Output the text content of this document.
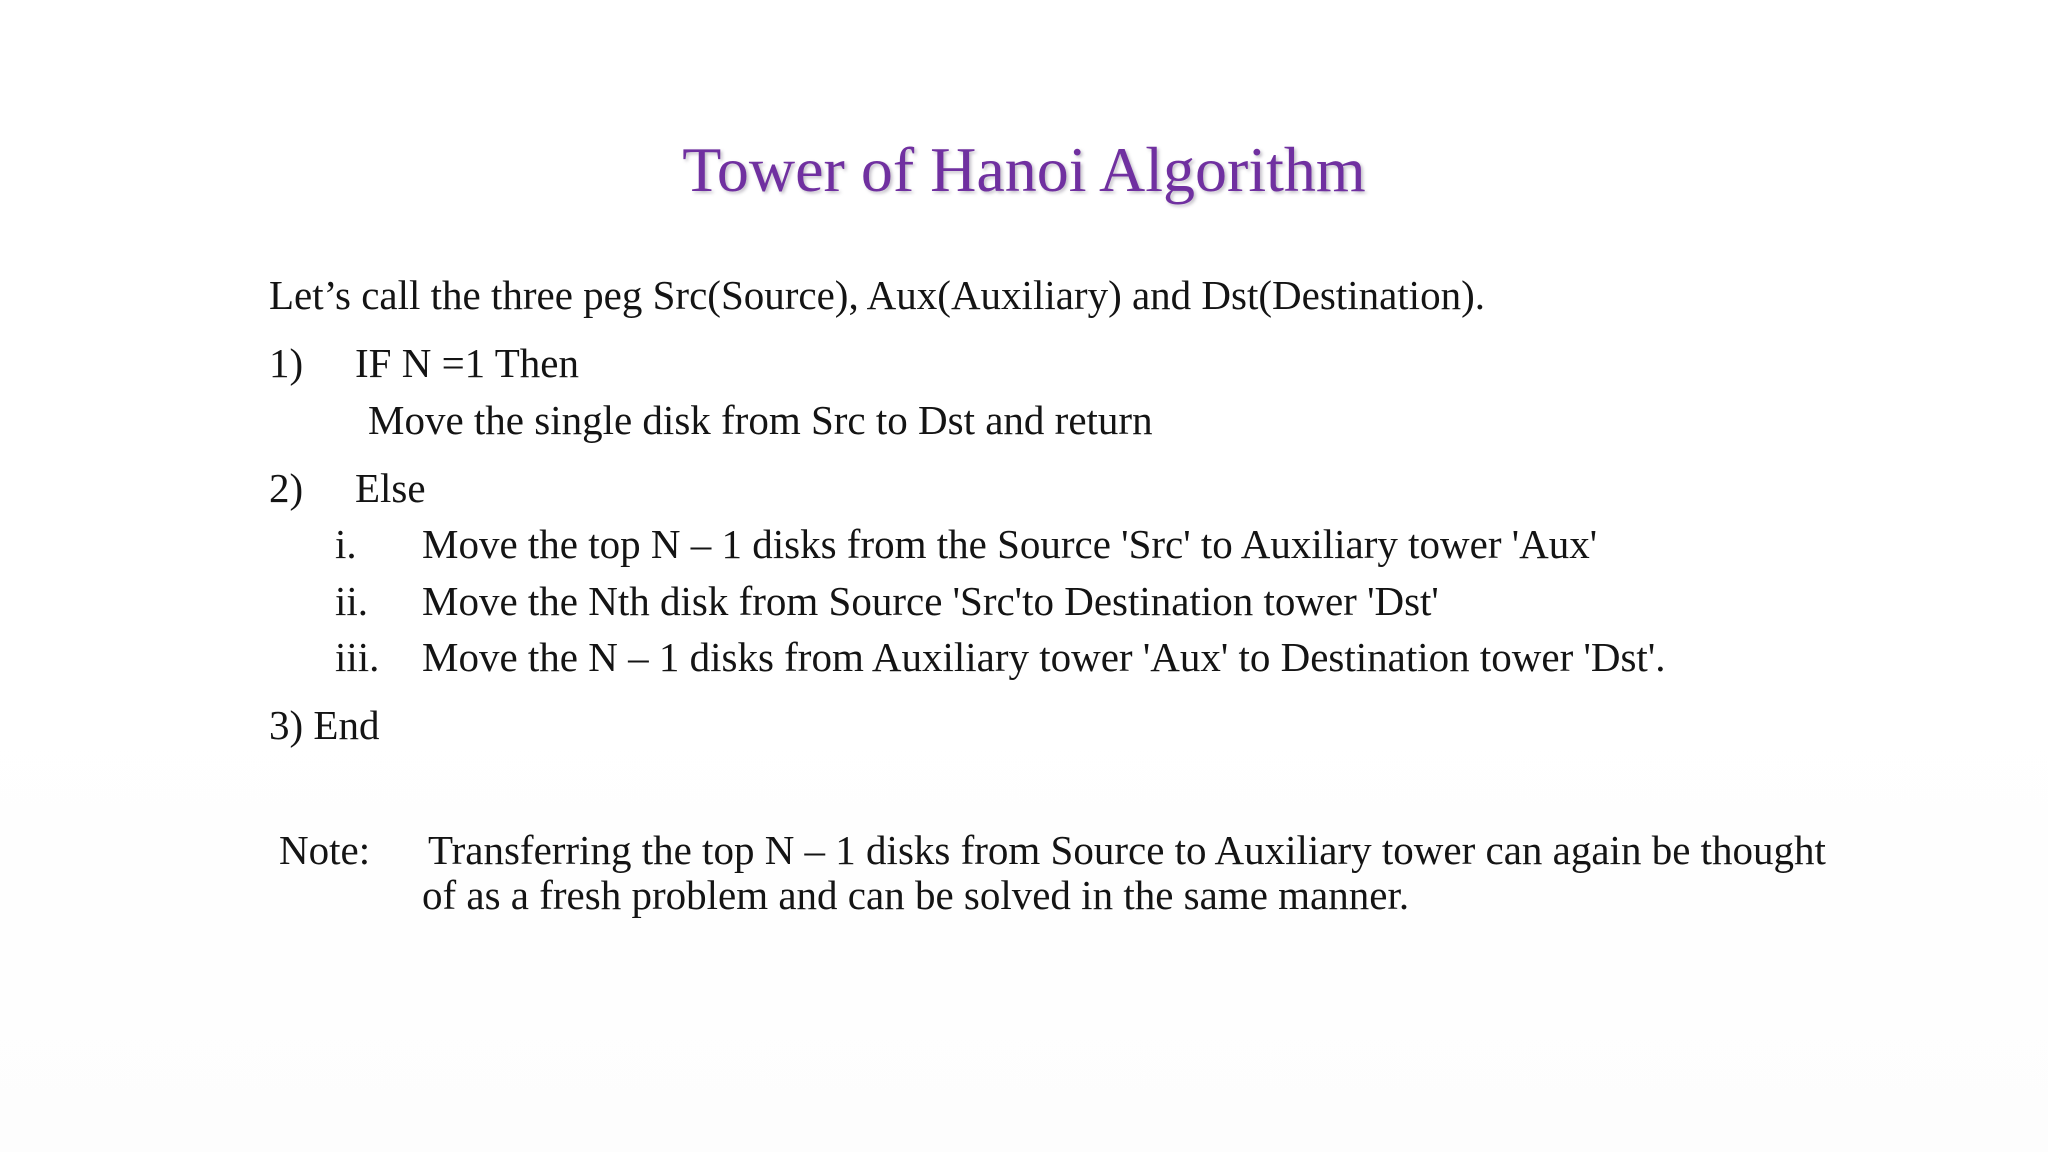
Tower of Hanoi Algorithm
Let’s call the three peg Src(Source), Aux(Auxiliary) and Dst(Destination).
1) IF N =1 Then
Move the single disk from Src to Dst and return
2) Else
i. Move the top N – 1 disks from the Source 'Src' to Auxiliary tower 'Aux'
ii. Move the Nth disk from Source 'Src'to Destination tower 'Dst'
iii. Move the N – 1 disks from Auxiliary tower 'Aux' to Destination tower 'Dst'.
3) End
Note: Transferring the top N – 1 disks from Source to Auxiliary tower can again be thought
of as a fresh problem and can be solved in the same manner.
